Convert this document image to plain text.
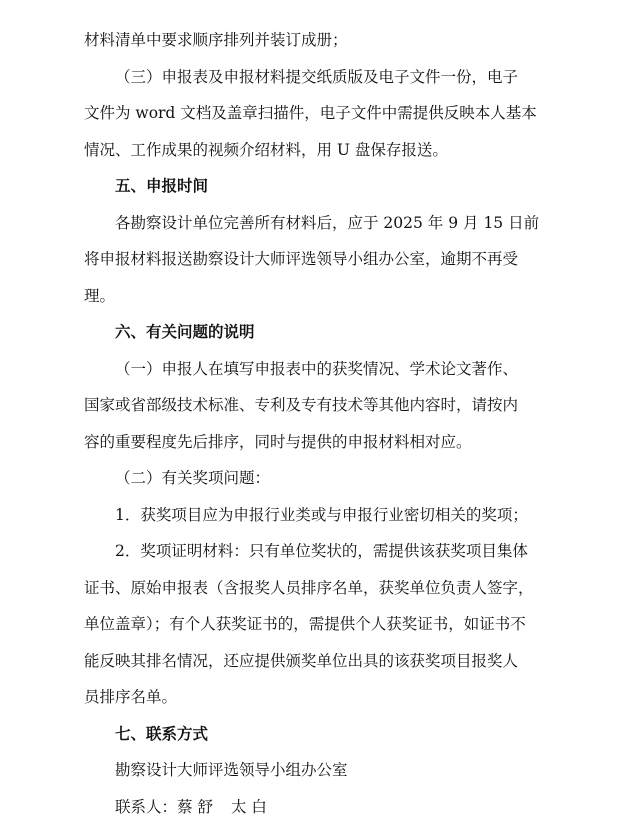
材料清单中要求顺序排列并装订成册；
（三）申报表及申报材料提交纸质版及电子文件一份，电子
文件为 word 文档及盖章扫描件，电子文件中需提供反映本人基本
情况、工作成果的视频介绍材料，用 U 盘保存报送。
五、申报时间
各勘察设计单位完善所有材料后，应于 2025 年 9 月 15 日前
将申报材料报送勘察设计大师评选领导小组办公室，逾期不再受
理。
六、有关问题的说明
（一）申报人在填写申报表中的获奖情况、学术论文著作、
国家或省部级技术标准、专利及专有技术等其他内容时，请按内
容的重要程度先后排序，同时与提供的申报材料相对应。
（二）有关奖项问题：
1．获奖项目应为申报行业类或与申报行业密切相关的奖项；
2．奖项证明材料：只有单位奖状的，需提供该获奖项目集体
证书、原始申报表（含报奖人员排序名单，获奖单位负责人签字，
单位盖章）；有个人获奖证书的，需提供个人获奖证书，如证书不
能反映其排名情况，还应提供颁奖单位出具的该获奖项目报奖人
员排序名单。
七、联系方式
勘察设计大师评选领导小组办公室
联系人：蔡 舒 太 白
